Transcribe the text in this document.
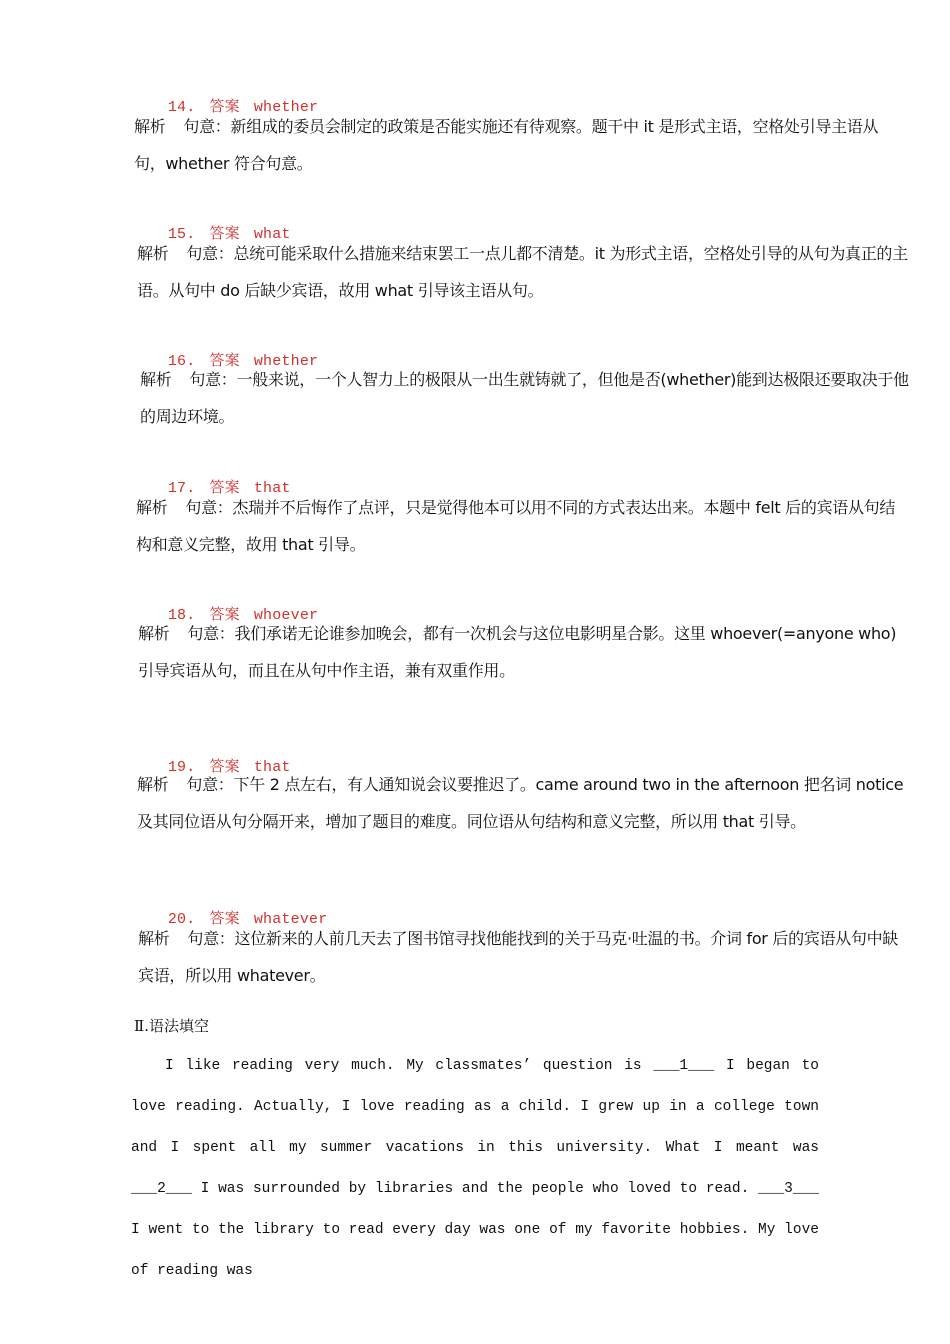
14. 答案 whether

解析 句意：新组成的委员会制定的政策是否能实施还有待观察。题干中 it 是形式主语，空格处引导主语从句，whether 符合句意。

15. 答案 what

解析 句意：总统可能采取什么措施来结束罢工一点儿都不清楚。it 为形式主语，空格处引导的从句为真正的主语。从句中 do 后缺少宾语，故用 what 引导该主语从句。

16. 答案 whether

解析 句意：一般来说，一个人智力上的极限从一出生就铸就了，但他是否(whether)能到达极限还要取决于他的周边环境。

17. 答案 that

解析 句意：杰瑞并不后悔作了点评，只是觉得他本可以用不同的方式表达出来。本题中 felt 后的宾语从句结构和意义完整，故用 that 引导。

18. 答案 whoever

解析 句意：我们承诺无论谁参加晚会，都有一次机会与这位电影明星合影。这里 whoever(=anyone who)引导宾语从句，而且在从句中作主语，兼有双重作用。

19. 答案 that

解析 句意：下午 2 点左右，有人通知说会议要推迟了。came around two in the afternoon 把名词 notice 及其同位语从句分隔开来，增加了题目的难度。同位语从句结构和意义完整，所以用 that 引导。

20. 答案 whatever

解析 句意：这位新来的人前几天去了图书馆寻找他能找到的关于马克·吐温的书。介词 for 后的宾语从句中缺宾语，所以用 whatever。
Ⅱ.语法填空
I like reading very much. My classmates’ question is ___1___ I began to love reading. Actually, I love reading as a child. I grew up in a college town and I spent all my summer vacations in this university. What I meant was ___2___ I was surrounded by libraries and the people who loved to read. ___3___ I went to the library to read every day was one of my favorite hobbies. My love of reading was
